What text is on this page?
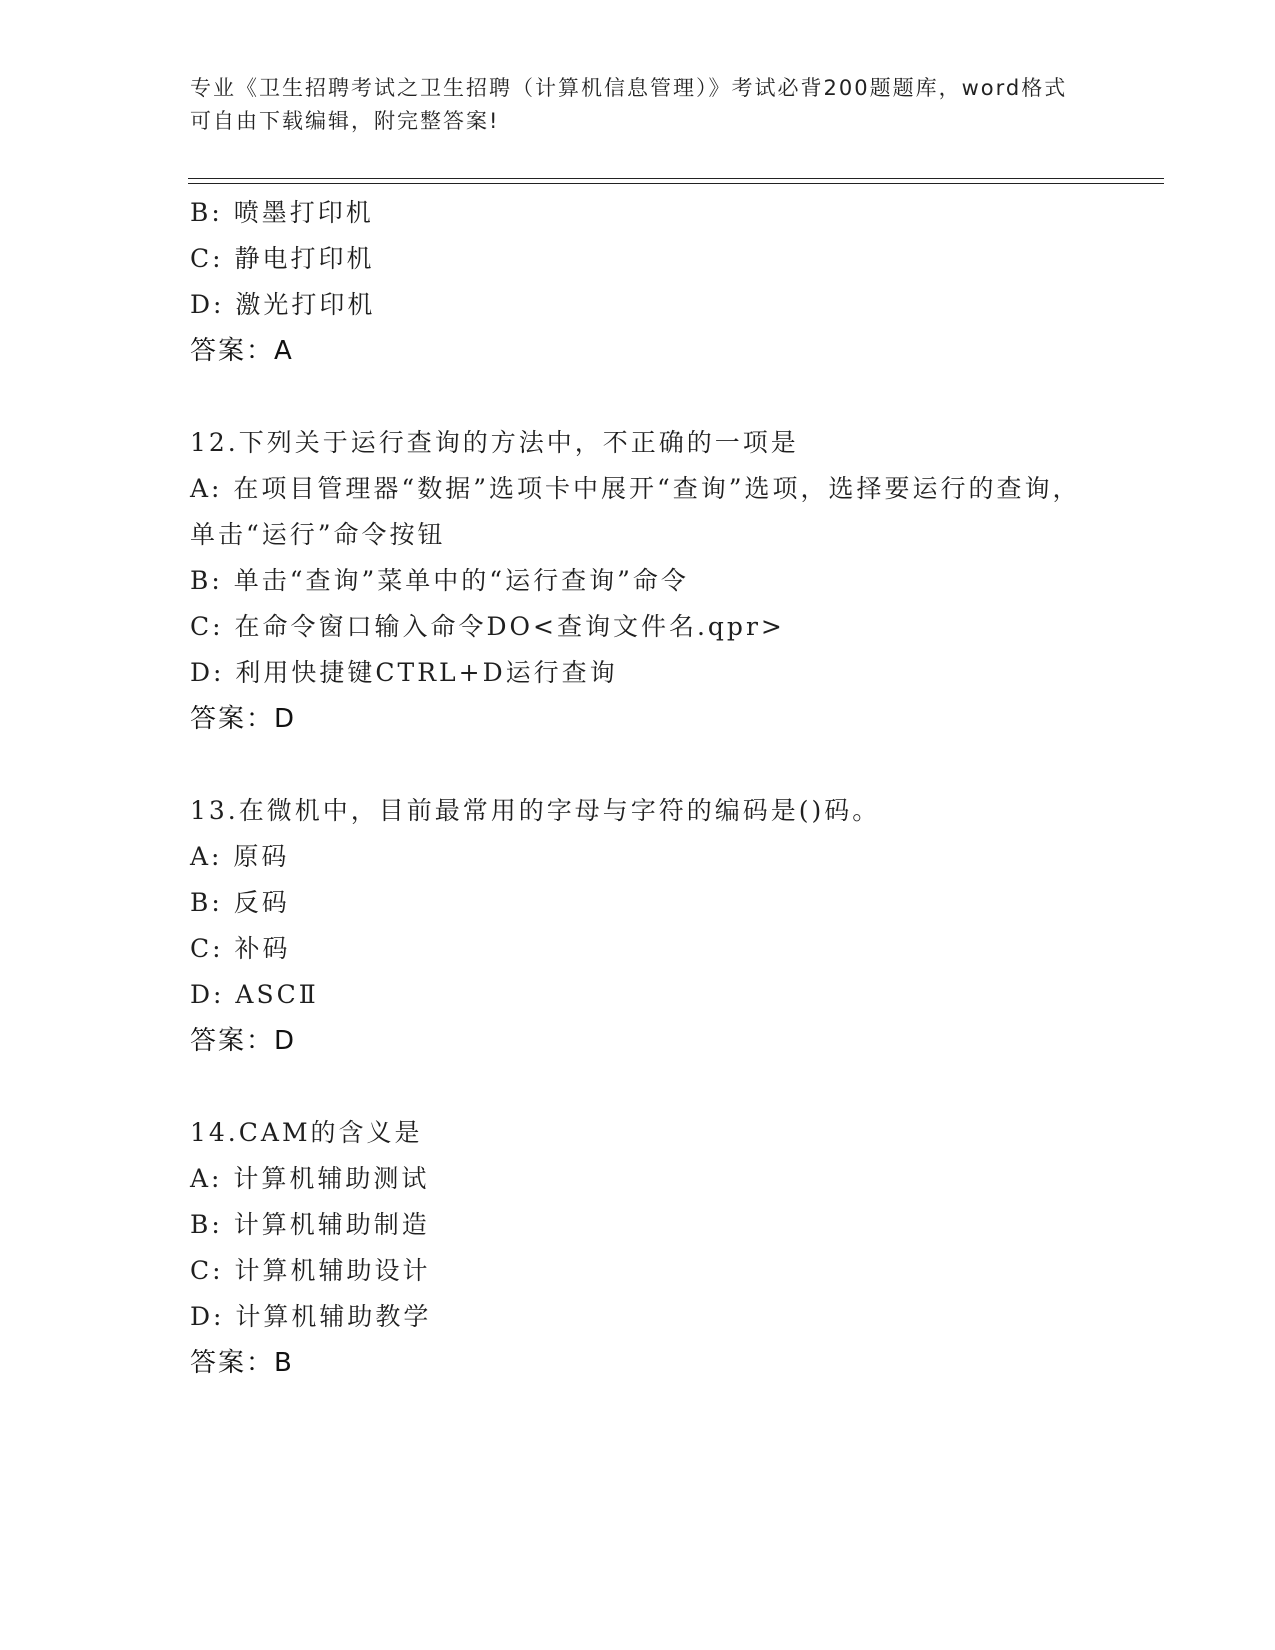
专业《卫生招聘考试之卫生招聘（计算机信息管理）》考试必背200题题库，word格式可自由下载编辑，附完整答案!
B: 喷墨打印机
C: 静电打印机
D: 激光打印机
答案：A
12.下列关于运行查询的方法中，不正确的一项是
A: 在项目管理器“数据”选项卡中展开“查询”选项，选择要运行的查询，单击“运行”命令按钮
B: 单击“查询”菜单中的“运行查询”命令
C: 在命令窗口输入命令DO<查询文件名.qpr>
D: 利用快捷键CTRL+D运行查询
答案：D
13.在微机中，目前最常用的字母与字符的编码是()码。
A: 原码
B: 反码
C: 补码
D: ASCⅡ
答案：D
14.CAM的含义是
A: 计算机辅助测试
B: 计算机辅助制造
C: 计算机辅助设计
D: 计算机辅助教学
答案：B
